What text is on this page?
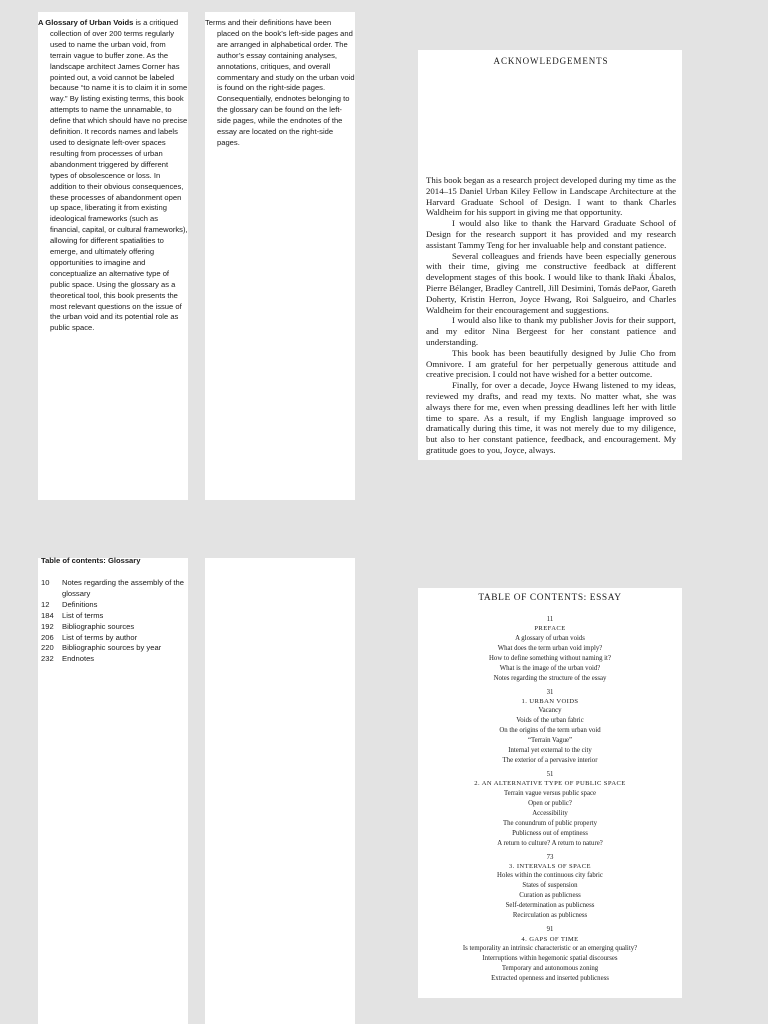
A Glossary of Urban Voids is a critiqued collection of over 200 terms regularly used to name the urban void, from terrain vague to buffer zone. As the landscape architect James Corner has pointed out, a void cannot be labeled because “to name it is to claim it in some way.” By listing existing terms, this book attempts to name the unnamable, to define that which should have no precise definition. It records names and labels used to designate left-over spaces resulting from processes of urban abandonment triggered by different types of obsolescence or loss. In addition to their obvious consequences, these processes of abandonment open up space, liberating it from existing ideological frameworks (such as financial, capital, or cultural frameworks), allowing for different spatialities to emerge, and ultimately offering opportunities to imagine and conceptualize an alternative type of public space. Using the glossary as a theoretical tool, this book presents the most relevant questions on the issue of the urban void and its potential role as public space.

Terms and their definitions have been placed on the book’s left-side pages and are arranged in alphabetical order. The author’s essay containing analyses, annotations, critiques, and overall commentary and study on the urban void is found on the right-side pages. Consequentially, endnotes belonging to the glossary can be found on the left-side pages, while the endnotes of the essay are located on the right-side pages.

ACKNOWLEDGEMENTS

This book began as a research project developed during my time as the 2014–15 Daniel Urban Kiley Fellow in Landscape Architecture at the Harvard Graduate School of Design. I want to thank Charles Waldheim for his support in giving me that opportunity.

I would also like to thank the Harvard Graduate School of Design for the research support it has provided and my research assistant Tammy Teng for her invaluable help and constant patience.

Several colleagues and friends have been especially generous with their time, giving me constructive feedback at different development stages of this book. I would like to thank Iñaki Ábalos, Pierre Bélanger, Bradley Cantrell, Jill Desimini, Tomás dePaor, Gareth Doherty, Kristin Herron, Joyce Hwang, Roi Salgueiro, and Charles Waldheim for their encouragement and suggestions.

I would also like to thank my publisher Jovis for their support, and my editor Nina Bergeest for her constant patience and understanding.

This book has been beautifully designed by Julie Cho from Omnivore. I am grateful for her perpetually generous attitude and creative precision. I could not have wished for a better outcome.

Finally, for over a decade, Joyce Hwang listened to my ideas, reviewed my drafts, and read my texts. No matter what, she was always there for me, even when pressing deadlines left her with little time to spare. As a result, if my English language improved so dramatically during this time, it was not merely due to my diligence, but also to her constant patience, feedback, and encouragement. My gratitude goes to you, Joyce, always.

Table of contents: Glossary
10	Notes regarding the assembly of the glossary
12	Definitions
184	List of terms
192	Bibliographic sources
206	List of terms by author
220	Bibliographic sources by year
232	Endnotes
TABLE OF CONTENTS: ESSAY
11
PREFACE
A glossary of urban voids
What does the term urban void imply?
How to define something without naming it?
What is the image of the urban void?
Notes regarding the structure of the essay
31
1. URBAN VOIDS
Vacancy
Voids of the urban fabric
On the origins of the term urban void
“Terrain Vague”
Internal yet external to the city
The exterior of a pervasive interior
51
2. AN ALTERNATIVE TYPE OF PUBLIC SPACE
Terrain vague versus public space
Open or public?
Accessibility
The conundrum of public property
Publicness out of emptiness
A return to culture? A return to nature?
73
3. INTERVALS OF SPACE
Holes within the continuous city fabric
States of suspension
Curation as publicness
Self-determination as publicness
Recirculation as publicness
91
4. GAPS OF TIME
Is temporality an intrinsic characteristic or an emerging quality?
Interruptions within hegemonic spatial discourses
Temporary and autonomous zoning
Extracted openness and inserted publicness
